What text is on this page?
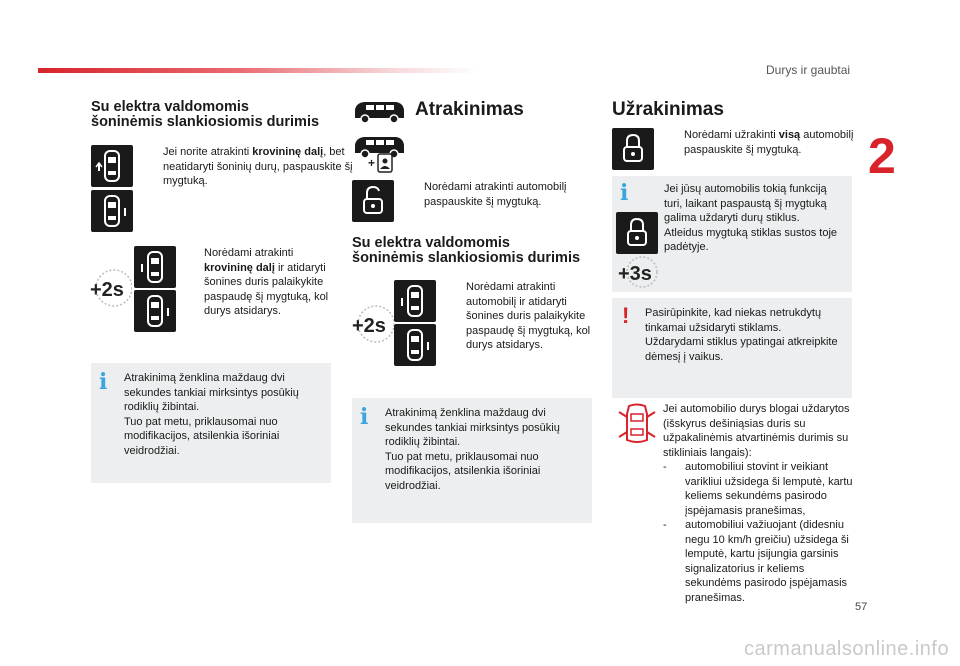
Durys ir gaubtai
2
Su elektra valdomomis
šoninėmis slankiosiomis durimis
Jei norite atrakinti krovininę dalį, bet neatidaryti šoninių durų, paspauskite šį mygtuką.
+2s
Norėdami atrakinti krovininę dalį ir atidaryti šonines duris palaikykite paspaudę šį mygtuką, kol durys atsidarys.
i Atrakinimą ženklina maždaug dvi sekundes tankiai mirksintys posūkių rodiklių žibintai.
Tuo pat metu, priklausomai nuo modifikacijos, atsilenkia išoriniai veidrodžiai.
Atrakinimas
+
Norėdami atrakinti automobilį paspauskite šį mygtuką.
Su elektra valdomomis
šoninėmis slankiosiomis durimis
+2s
Norėdami atrakinti automobilį ir atidaryti šonines duris palaikykite paspaudę šį mygtuką, kol durys atsidarys.
i Atrakinimą ženklina maždaug dvi sekundes tankiai mirksintys posūkių rodiklių žibintai.
Tuo pat metu, priklausomai nuo modifikacijos, atsilenkia išoriniai veidrodžiai.
Užrakinimas
Norėdami užrakinti visą automobilį paspauskite šį mygtuką.
i
+3s
Jei jūsų automobilis tokią funkciją turi, laikant paspaustą šį mygtuką galima uždaryti durų stiklus.
Atleidus mygtuką stiklas sustos toje padėtyje.
! Pasirūpinkite, kad niekas netrukdytų tinkamai užsidaryti stiklams.
Uždarydami stiklus ypatingai atkreipkite dėmesį į vaikus.
Jei automobilio durys blogai uždarytos (išskyrus dešiniąsias duris su užpakalinėmis atvartinėmis durimis su stikliniais langais):
- automobiliui stovint ir veikiant varikliui užsidega ši lemputė, kartu keliems sekundėms pasirodo įspėjamasis pranešimas,
- automobiliui važiuojant (didesniu negu 10 km/h greičiu) užsidega ši lemputė, kartu įsijungia garsinis signalizatorius ir keliems sekundėms pasirodo įspėjamasis pranešimas.
57
carmanualsonline.info
